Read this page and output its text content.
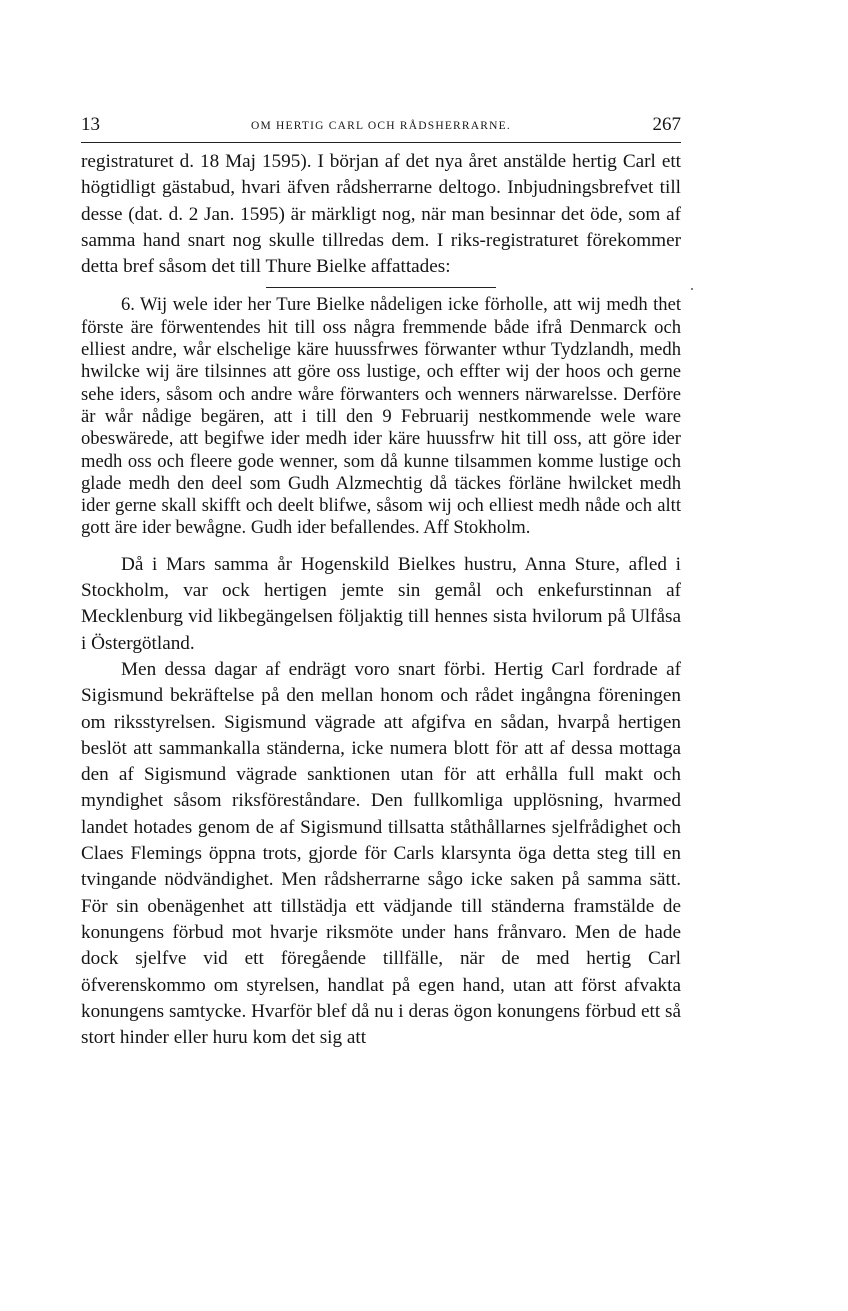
13	OM HERTIG CARL OCH RÅDSHERRARNE.	267

registraturet d. 18 Maj 1595). I början af det nya året anstälde hertig Carl ett högtidligt gästabud, hvari äfven rådsherrarne deltogo. Inbjudningsbrefvet till desse (dat. d. 2 Jan. 1595) är märkligt nog, när man besinnar det öde, som af samma hand snart nog skulle tillredas dem. I riks-registraturet förekommer detta bref såsom det till Thure Bielke affattades:

6. Wij wele ider her Ture Bielke nådeligen icke förholle, att wij medh thet förste äre förwentendes hit till oss några fremmende både ifrå Denmarck och elliest andre, wår elschelige käre huussfrwes förwanter wthur Tydzlandh, medh hwilcke wij äre tilsinnes att göre oss lustige, och effter wij der hoos och gerne sehe iders, såsom och andre wåre förwanters och wenners närwarelsse. Derföre är wår nådige begären, att i till den 9 Februarij nestkommende wele ware obeswärede, att begifwe ider medh ider käre huussfrw hit till oss, att göre ider medh oss och fleere gode wenner, som då kunne tilsammen komme lustige och glade medh den deel som Gudh Alzmechtig då täckes förläne hwilcket medh ider gerne skall skifft och deelt blifwe, såsom wij och elliest medh nåde och altt gott äre ider bewågne. Gudh ider befallendes. Aff Stokholm.

Då i Mars samma år Hogenskild Bielkes hustru, Anna Sture, afled i Stockholm, var ock hertigen jemte sin gemål och enkefurstinnan af Mecklenburg vid likbegängelsen följaktig till hennes sista hvilorum på Ulfåsa i Östergötland.

Men dessa dagar af endrägt voro snart förbi. Hertig Carl fordrade af Sigismund bekräftelse på den mellan honom och rådet ingångna föreningen om riksstyrelsen. Sigismund vägrade att afgifva en sådan, hvarpå hertigen beslöt att sammankalla ständerna, icke numera blott för att af dessa mottaga den af Sigismund vägrade sanktionen utan för att erhålla full makt och myndighet såsom riksföreståndare. Den fullkomliga upplösning, hvarmed landet hotades genom de af Sigismund tillsatta ståthållarnes sjelfrådighet och Claes Flemings öppna trots, gjorde för Carls klarsynta öga detta steg till en tvingande nödvändighet. Men rådsherrarne sågo icke saken på samma sätt. För sin obenägenhet att tillstädja ett vädjande till ständerna framstälde de konungens förbud mot hvarje riksmöte under hans frånvaro. Men de hade dock sjelfve vid ett föregående tillfälle, när de med hertig Carl öfverenskommo om styrelsen, handlat på egen hand, utan att först afvakta konungens samtycke. Hvarför blef då nu i deras ögon konungens förbud ett så stort hinder eller huru kom det sig att
